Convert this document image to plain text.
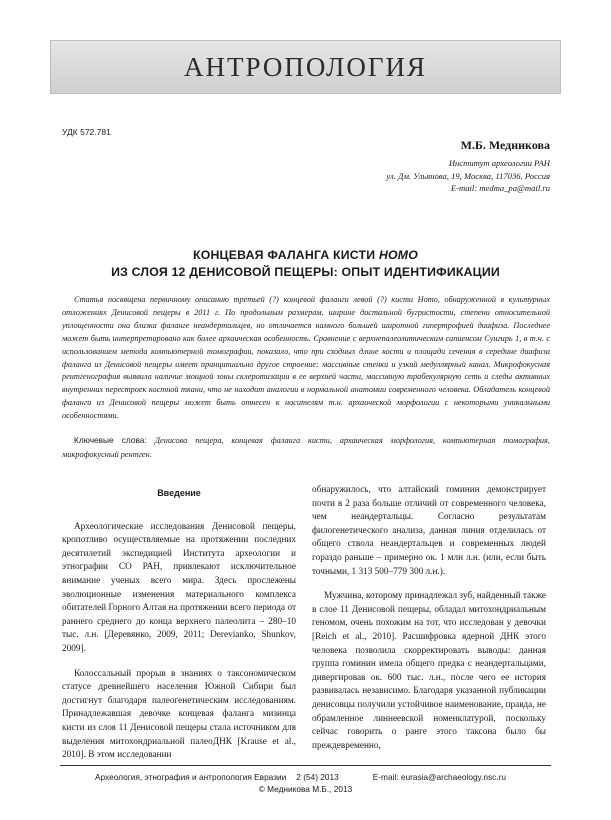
АНТРОПОЛОГИЯ
УДК 572.781
М.Б. Медникова
Институт археологии РАН
ул. Дм. Ульянова, 19, Москва, 117036, Россия
E-mail: medma_pa@mail.ru
КОНЦЕВАЯ ФАЛАНГА КИСТИ HOMO
ИЗ СЛОЯ 12 ДЕНИСОВОЙ ПЕЩЕРЫ: ОПЫТ ИДЕНТИФИКАЦИИ

Статья посвящена первичному описанию третьей (?) концевой фаланги левой (?) кисти Homo, обнаруженной в культурных отложениях Денисовой пещеры в 2011 г. По продольным размерам, ширине дистальной бугристости, степени относительной уплощенности она близка фаланге неандертальцев, но отличается намного большей широтной гипертрофией диафиза. Последнее может быть интерпретировано как более архаическая особенность. Сравнение с верхнепалеолитическим сапиенсом Сунгирь 1, в т.ч. с использованием метода компьютерной томографии, показало, что при сходных длине кости и площади сечения в середине диафиза фаланга из Денисовой пещеры имеет принципиально другое строение: массивные стенки и узкий медуллярный канал. Микрофокусная рентгенография выявила наличие мощной зоны склеротизации в ее верхней части, массивную трабекулярную сеть и следы активных внутренних перестроек костной ткани, что не находит аналогии в нормальной анатомии современного человека. Обладатель концевой фаланги из Денисовой пещеры может быть отнесен к носителям т.н. архаической морфологии с некоторыми уникальными особенностями.

Ключевые слова: Денисова пещера, концевая фаланга кисти, архаическая морфология, компьютерная томография, микрофокусный рентген.

Введение

Археологические исследования Денисовой пещеры, кропотливо осуществляемые на протяжении последних десятилетий экспедицией Института археологии и этнографии СО РАН, привлекают исключительное внимание ученых всего мира. Здесь прослежены эволюционные изменения материального комплекса обитателей Горного Алтая на протяжении всего периода от раннего среднего до конца верхнего палеолита – 280–10 тыс. л.н. [Деревянко, 2009, 2011; Derevianko, Shunkov, 2009].

Колоссальный прорыв в знаниях о таксономическом статусе древнейшего населения Южной Сибири был достигнут благодаря палеогенетическим исследованиям. Принадлежавшая девочке концевая фаланга мизинца кисти из слоя 11 Денисовой пещеры стала источником для выделения митохондриальной палеоДНК [Krause et al., 2010]. В этом исследовании

обнаружилось, что алтайский гоминин демонстрирует почти в 2 раза больше отличий от современного человека, чем неандертальцы. Согласно результатам филогенетического анализа, данная линия отделилась от общего ствола неандертальцев и современных людей гораздо раньше – примерно ок. 1 млн л.н. (или, если быть точными, 1 313 500–779 300 л.н.).

Мужчина, которому принадлежал зуб, найденный также в слое 11 Денисовой пещеры, обладал митохондриальным геномом, очень похожим на тот, что исследован у девочки [Reich et al., 2010]. Расшифровка ядерной ДНК этого человека позволила скорректировать выводы: данная группа гоминин имела общего предка с неандертальцами, дивергировав ок. 600 тыс. л.н., после чего ее история развивалась независимо. Благодаря указанной публикации денисовцы получили устойчивое наименование, правда, не обрамленное линнеевской номенклатурой, поскольку сейчас говорить о ранге этого таксона было бы преждевременно,

Археология, этнография и антропология Евразии 2 (54) 2013	E-mail: eurasia@archaeology.nsc.ru
© Медникова М.Б., 2013
